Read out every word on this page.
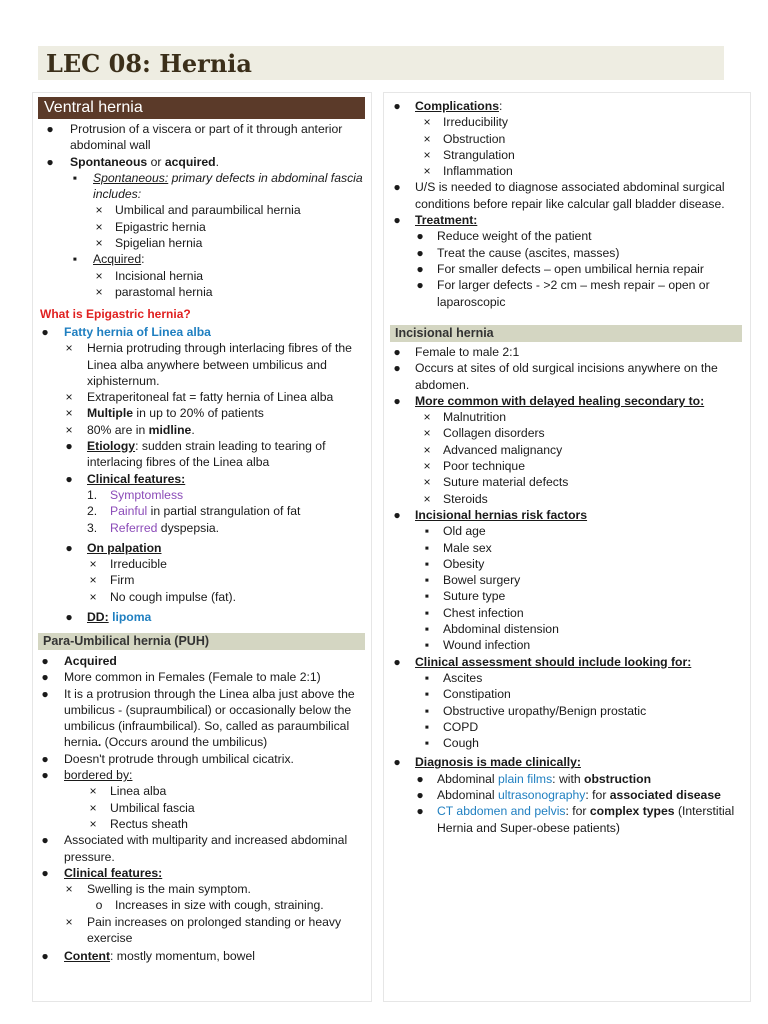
LEC 08: Hernia
Ventral hernia
● Protrusion of a viscera or part of it through anterior abdominal wall
● Spontaneous or acquired.
▪	Spontaneous: primary defects in abdominal fascia includes:
× Umbilical and paraumbilical hernia
× Epigastric hernia
× Spigelian hernia
▪	Acquired:
× Incisional hernia
× parastomal hernia
What is Epigastric hernia?
● Fatty hernia of Linea alba
× Hernia protruding through interlacing fibres of the Linea alba anywhere between umbilicus and xiphisternum.
× Extraperitoneal fat = fatty hernia of Linea alba
× Multiple in up to 20% of patients
× 80% are in midline.
● Etiology: sudden strain leading to tearing of interlacing fibres of the Linea alba
● Clinical features:
1. Symptomless
2. Painful in partial strangulation of fat
3. Referred dyspepsia.
● On palpation
× Irreducible
× Firm
× No cough impulse (fat).
● DD: lipoma
Para-Umbilical hernia (PUH)
● Acquired
● More common in Females (Female to male 2:1)
● It is a protrusion through the Linea alba just above the umbilicus - (supraumbilical) or occasionally below the umbilicus (infraumbilical). So, called as paraumbilical hernia. (Occurs around the umbilicus)
● Doesn't protrude through umbilical cicatrix.
● bordered by:
× Linea alba
× Umbilical fascia
× Rectus sheath
● Associated with multiparity and increased abdominal pressure.
● Clinical features:
× Swelling is the main symptom.
o Increases in size with cough, straining.
× Pain increases on prolonged standing or heavy exercise
● Content: mostly momentum, bowel
● Complications:
× Irreducibility
× Obstruction
× Strangulation
× Inflammation
● U/S is needed to diagnose associated abdominal surgical conditions before repair like calcular gall bladder disease.
● Treatment:
● Reduce weight of the patient
● Treat the cause (ascites, masses)
● For smaller defects – open umbilical hernia repair
● For larger defects - >2 cm – mesh repair – open or laparoscopic
Incisional hernia
● Female to male 2:1
● Occurs at sites of old surgical incisions anywhere on the abdomen.
● More common with delayed healing secondary to:
× Malnutrition
× Collagen disorders
× Advanced malignancy
× Poor technique
× Suture material defects
× Steroids
● Incisional hernias risk factors
▪	Old age
▪	Male sex
▪	Obesity
▪	Bowel surgery
▪	Suture type
▪	Chest infection
▪	Abdominal distension
▪	Wound infection
● Clinical assessment should include looking for:
▪	Ascites
▪	Constipation
▪	Obstructive uropathy/Benign prostatic
▪	COPD
▪	Cough
● Diagnosis is made clinically:
● Abdominal plain films: with obstruction
● Abdominal ultrasonography: for associated disease
● CT abdomen and pelvis: for complex types (Interstitial Hernia and Super-obese patients)
